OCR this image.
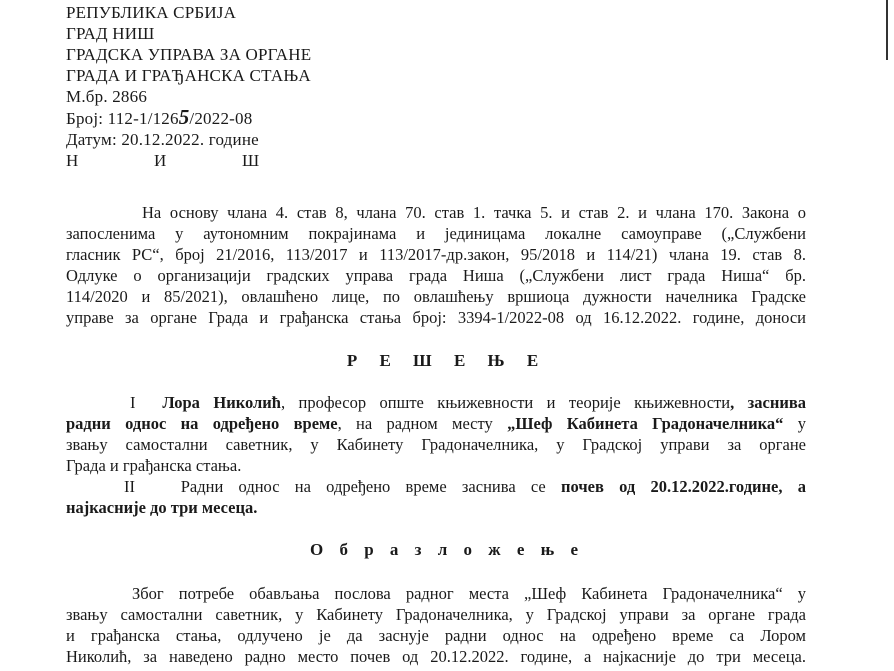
РЕПУБЛИКА СРБИЈА
ГРАД НИШ
ГРАДСКА УПРАВА ЗА ОРГАНЕ
ГРАДА И ГРАЂАНСКА СТАЊА
М.бр. 2866
Број: 112-1/1265/2022-08
Датум: 20.12.2022. године
Н	И	Ш
На основу члана 4. став 8, члана 70. став 1. тачка 5. и став 2. и члана 170. Закона о
запосленима у аутономним покрајинама и јединицама локалне самоуправе („Службени
гласник РС“, број 21/2016, 113/2017 и 113/2017-др.закон, 95/2018 и 114/21) члана 19. став 8.
Одлуке о организацији градских управа града Ниша („Службени лист града Ниша“ бр.
114/2020 и 85/2021), овлашћено лице, по овлашћењу вршиоца дужности начелника Градске
управе за органе Града и грађанска стања број: 3394-1/2022-08 од 16.12.2022. године, доноси
Р Е Ш Е Њ Е
I Лора Николић, професор опште књижевности и теорије књижевности, заснива
радни однос на одређено време, на радном месту „Шеф Кабинета Градоначелника“ у
звању самостални саветник, у Кабинету Градоначелника, у Градској управи за органе
Града и грађанска стања.
II	Радни однос на одређено време заснива се почев од 20.12.2022.године, а
најкасније до три месеца.
О б р а з л о ж е њ е
Због потребе обављања послова радног места „Шеф Кабинета Градоначелника“ у
звању самостални саветник, у Кабинету Градоначелника, у Градској управи за органе града
и грађанска стања, одлучено је да заснује радни однос на одређено време са Лором
Николић, за наведено радно место почев од 20.12.2022. године, а најкасније до три месеца.
